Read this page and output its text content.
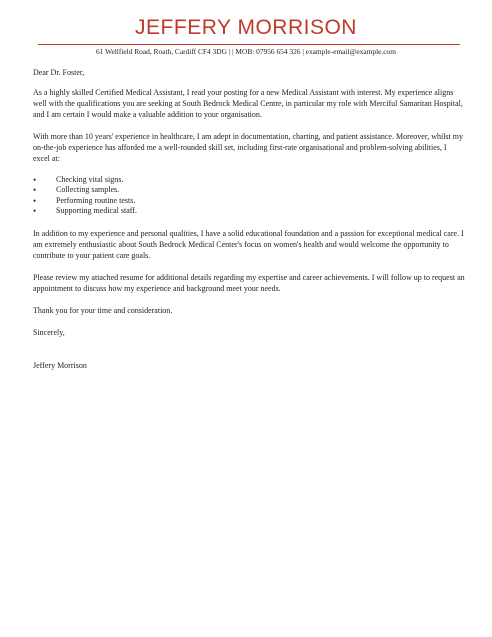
JEFFERY MORRISON
61 Wellfield Road, Roath, Cardiff CF4 3DG | | MOB: 07956 654 326 | example-email@example.com

Dear Dr. Foster,

As a highly skilled Certified Medical Assistant, I read your posting for a new Medical Assistant with interest. My experience aligns well with the qualifications you are seeking at South Bedrock Medical Centre, in particular my role with Merciful Samaritan Hospital, and I am certain I would make a valuable addition to your organisation.

With more than 10 years' experience in healthcare, I am adept in documentation, charting, and patient assistance. Moreover, whilst my on-the-job experience has afforded me a well-rounded skill set, including first-rate organisational and problem-solving abilities, I excel at:

• Checking vital signs.
• Collecting samples.
• Performing routine tests.
• Supporting medical staff.

In addition to my experience and personal qualities, I have a solid educational foundation and a passion for exceptional medical care. I am extremely enthusiastic about South Bedrock Medical Center's focus on women's health and would welcome the opportunity to contribute to your patient care goals.

Please review my attached resume for additional details regarding my expertise and career achievements. I will follow up to request an appointment to discuss how my experience and background meet your needs.

Thank you for your time and consideration.

Sincerely,

Jeffery Morrison
